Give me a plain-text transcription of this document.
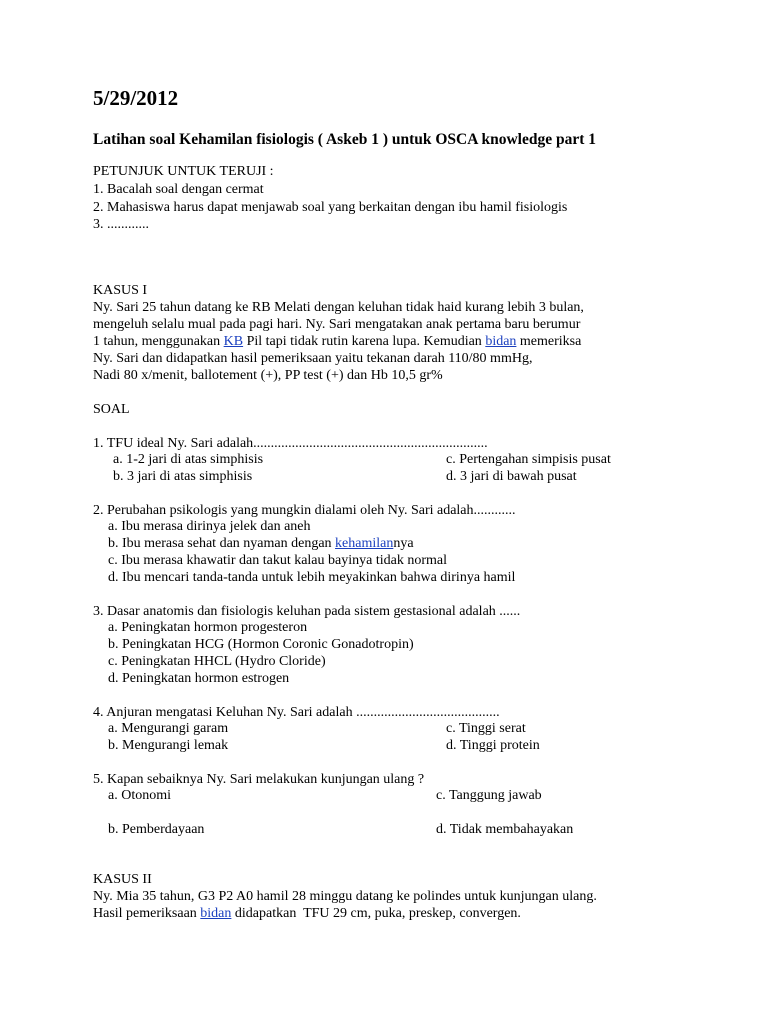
5/29/2012
Latihan soal Kehamilan fisiologis ( Askeb 1 ) untuk OSCA knowledge part 1
PETUNJUK UNTUK TERUJI :
1. Bacalah soal dengan cermat
2. Mahasiswa harus dapat menjawab soal yang berkaitan dengan ibu hamil fisiologis
3. ............
KASUS I
Ny. Sari 25 tahun datang ke RB Melati dengan keluhan tidak haid kurang lebih 3 bulan,
mengeluh selalu mual pada pagi hari. Ny. Sari mengatakan anak pertama baru berumur
1 tahun, menggunakan KB Pil tapi tidak rutin karena lupa. Kemudian bidan memeriksa
Ny. Sari dan didapatkan hasil pemeriksaan yaitu tekanan darah 110/80 mmHg,
Nadi 80 x/menit, ballotement (+), PP test (+) dan Hb 10,5 gr%
SOAL
1. TFU ideal Ny. Sari adalah...................................................................
a. 1-2 jari di atas simphisis	c. Pertengahan simpisis pusat
b. 3 jari di atas simphisis	d. 3 jari di bawah pusat
2. Perubahan psikologis yang mungkin dialami oleh Ny. Sari adalah............
a. Ibu merasa dirinya jelek dan aneh
b. Ibu merasa sehat dan nyaman dengan kehamilannya
c. Ibu merasa khawatir dan takut kalau bayinya tidak normal
d. Ibu mencari tanda-tanda untuk lebih meyakinkan bahwa dirinya hamil
3. Dasar anatomis dan fisiologis keluhan pada sistem gestasional adalah ......
a. Peningkatan hormon progesteron
b. Peningkatan HCG (Hormon Coronic Gonadotropin)
c. Peningkatan HHCL (Hydro Cloride)
d. Peningkatan hormon estrogen
4. Anjuran mengatasi Keluhan Ny. Sari adalah .........................................
a. Mengurangi garam	c. Tinggi serat
b. Mengurangi lemak	d. Tinggi protein
5. Kapan sebaiknya Ny. Sari melakukan kunjungan ulang ?
a. Otonomi	c. Tanggung jawab
b. Pemberdayaan	d. Tidak membahayakan
KASUS II
Ny. Mia 35 tahun, G3 P2 A0 hamil 28 minggu datang ke polindes untuk kunjungan ulang.
Hasil pemeriksaan bidan didapatkan  TFU 29 cm, puka, preskep, convergen.
